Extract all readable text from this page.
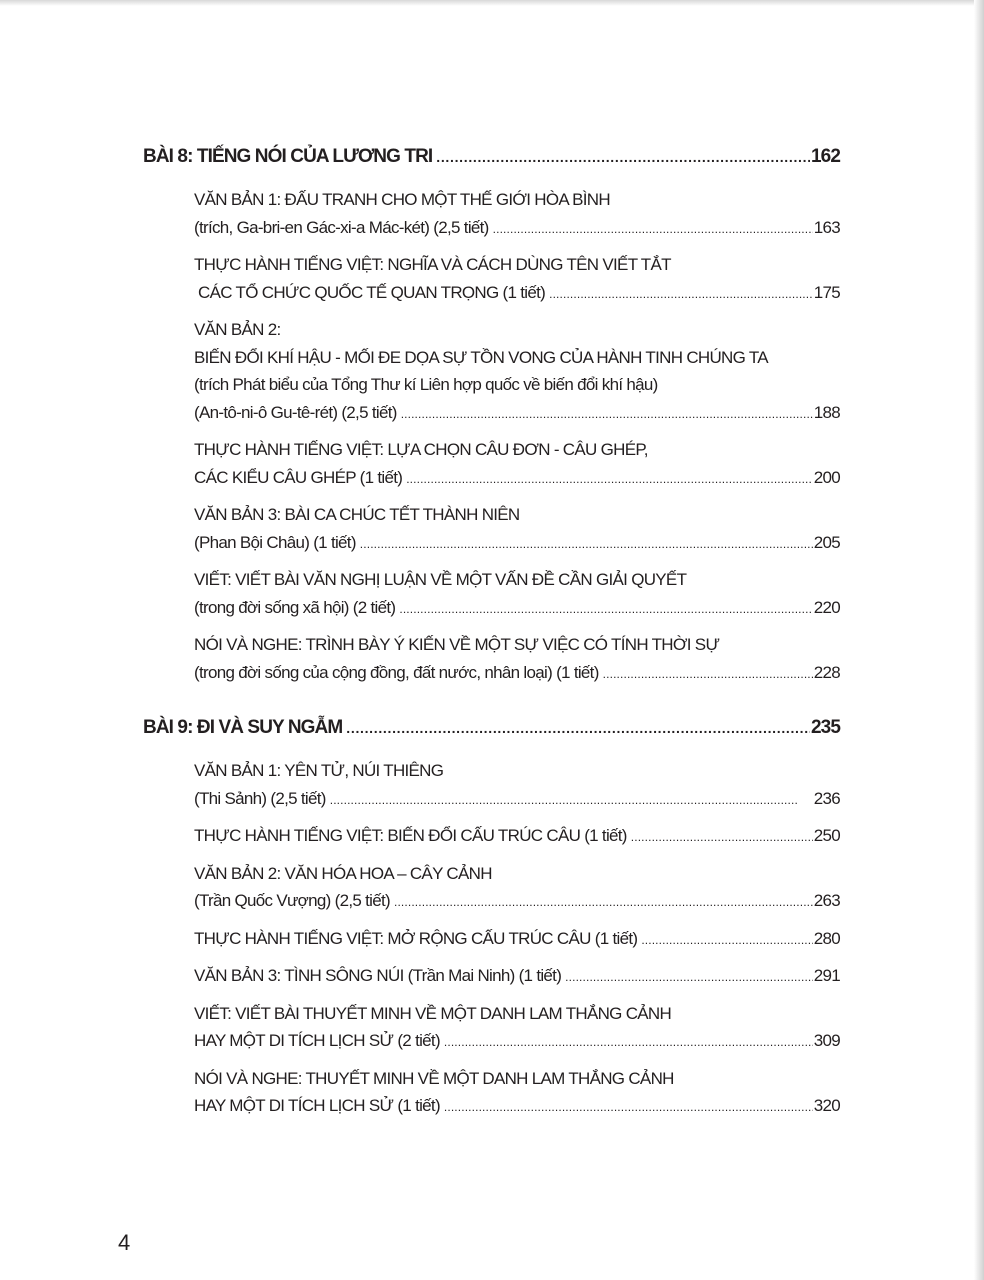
BÀI 8: TIẾNG NÓI CỦA LƯƠNG TRI . . .	162
VĂN BẢN 1: ĐẤU TRANH CHO MỘT THẾ GIỚI HÒA BÌNH
(trích, Ga-bri-en Gác-xi-a Mác-két) (2,5 tiết) . . .	163
THỰC HÀNH TIẾNG VIỆT: NGHĨA VÀ CÁCH DÙNG TÊN VIẾT TẮT
CÁC TỔ CHỨC QUỐC TẾ QUAN TRỌNG (1 tiết) . . .	175
VĂN BẢN 2:
BIẾN ĐỔI KHÍ HẬU - MỐI ĐE DỌA SỰ TỒN VONG CỦA HÀNH TINH CHÚNG TA
(trích Phát biểu của Tổng Thư kí Liên hợp quốc về biến đổi khí hậu)
(An-tô-ni-ô Gu-tê-rét) (2,5 tiết) . . .	188
THỰC HÀNH TIẾNG VIỆT: LỰA CHỌN CÂU ĐƠN - CÂU GHÉP,
CÁC KIỂU CÂU GHÉP (1 tiết) . . .	200
VĂN BẢN 3: BÀI CA CHÚC TẾT THÀNH NIÊN
(Phan Bội Châu) (1 tiết) . . .	205
VIẾT: VIẾT BÀI VĂN NGHỊ LUẬN VỀ MỘT VẤN ĐỀ CẦN GIẢI QUYẾT
(trong đời sống xã hội) (2 tiết) . . .	220
NÓI VÀ NGHE: TRÌNH BÀY Ý KIẾN VỀ MỘT SỰ VIỆC CÓ TÍNH THỜI SỰ
(trong đời sống của cộng đồng, đất nước, nhân loại) (1 tiết) . . .	228
BÀI 9: ĐI VÀ SUY NGẪM . . .	235
VĂN BẢN 1: YÊN TỬ, NÚI THIÊNG
(Thi Sảnh) (2,5 tiết) . . .	236
THỰC HÀNH TIẾNG VIỆT: BIẾN ĐỔI CẤU TRÚC CÂU (1 tiết) . . .	250
VĂN BẢN 2: VĂN HÓA HOA – CÂY CẢNH
(Trần Quốc Vượng) (2,5 tiết) . . .	263
THỰC HÀNH TIẾNG VIỆT: MỞ RỘNG CẤU TRÚC CÂU (1 tiết) . . .	280
VĂN BẢN 3: TÌNH SÔNG NÚI (Trần Mai Ninh) (1 tiết) . . .	291
VIẾT: VIẾT BÀI THUYẾT MINH VỀ MỘT DANH LAM THẮNG CẢNH
HAY MỘT DI TÍCH LỊCH SỬ (2 tiết) . . .	309
NÓI VÀ NGHE: THUYẾT MINH VỀ MỘT DANH LAM THẮNG CẢNH
HAY MỘT DI TÍCH LỊCH SỬ (1 tiết) . . .	320
4
